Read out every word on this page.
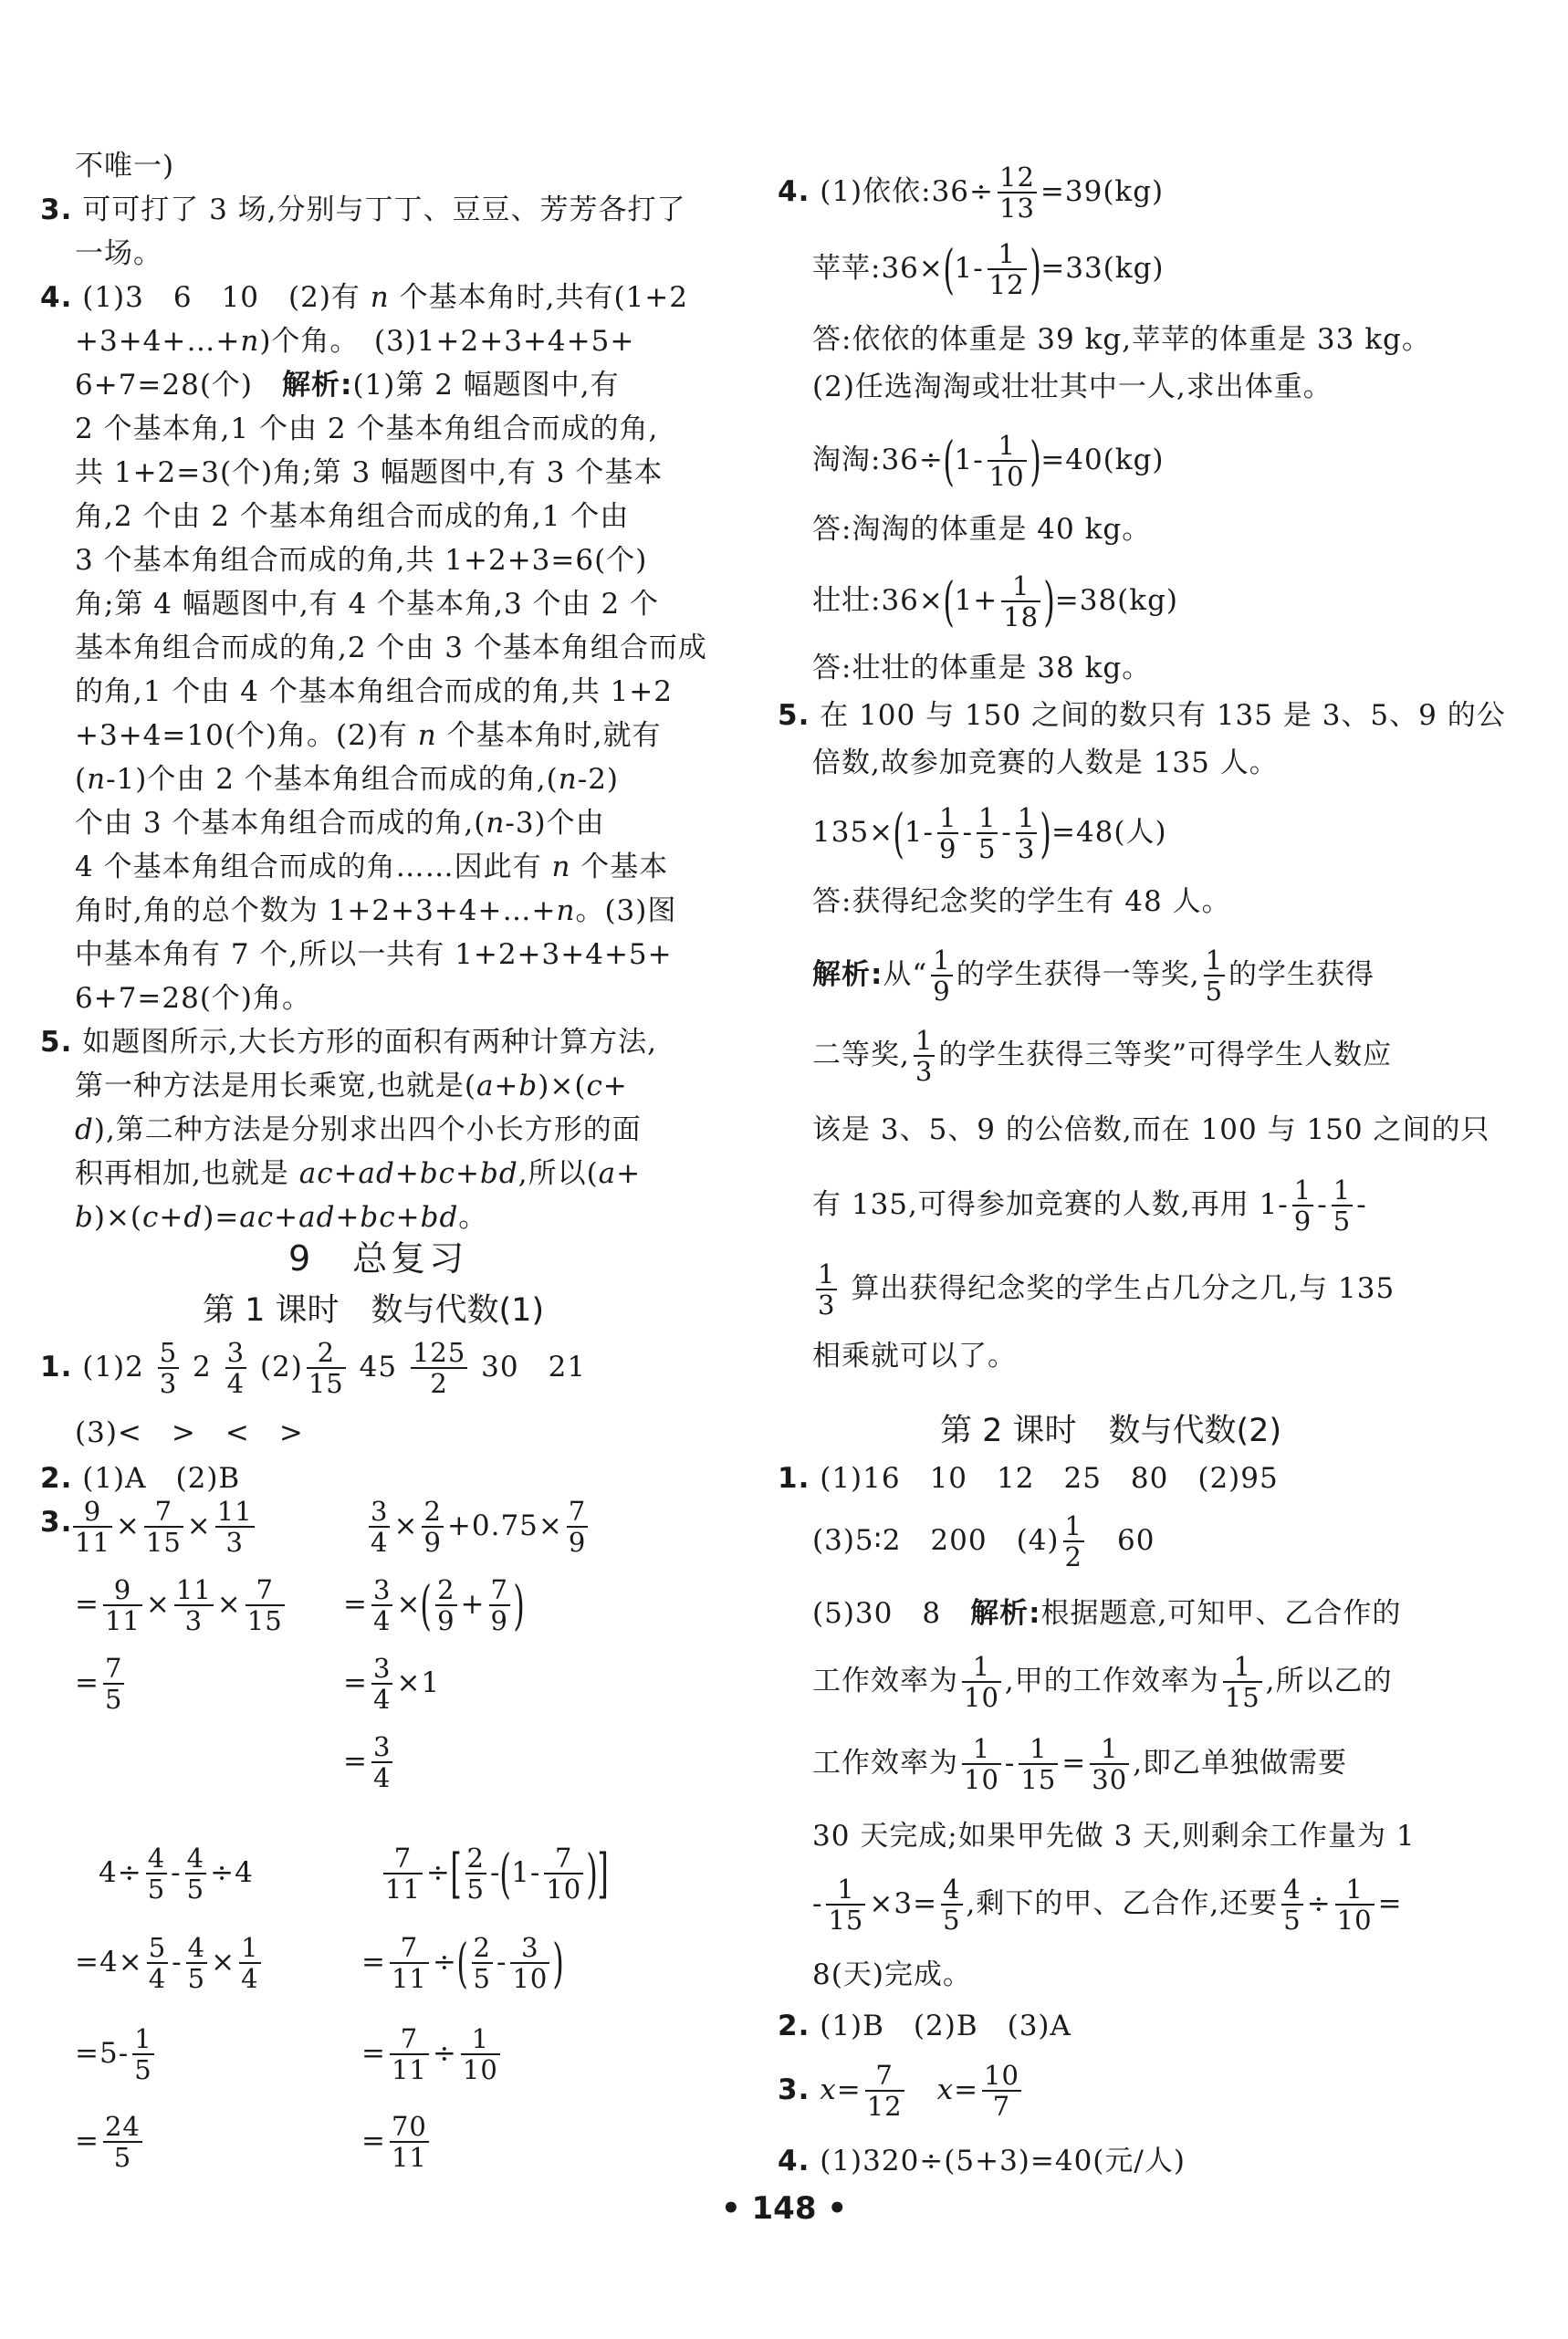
不唯一)
3. 可可打了 3 场,分别与丁丁、豆豆、芳芳各打了
一场。
4. (1)3　6　10　(2)有 n 个基本角时,共有(1+2
+3+4+…+n)个角。　(3)1+2+3+4+5+
6+7=28(个)　解析:(1)第 2 幅题图中,有
2 个基本角,1 个由 2 个基本角组合而成的角,
共 1+2=3(个)角;第 3 幅题图中,有 3 个基本
角,2 个由 2 个基本角组合而成的角,1 个由
3 个基本角组合而成的角,共 1+2+3=6(个)
角;第 4 幅题图中,有 4 个基本角,3 个由 2 个
基本角组合而成的角,2 个由 3 个基本角组合而成
的角,1 个由 4 个基本角组合而成的角,共 1+2
+3+4=10(个)角。(2)有 n 个基本角时,就有
(n-1)个由 2 个基本角组合而成的角,(n-2)
个由 3 个基本角组合而成的角,(n-3)个由
4 个基本角组合而成的角……因此有 n 个基本
角时,角的总个数为 1+2+3+4+…+n。(3)图
中基本角有 7 个,所以一共有 1+2+3+4+5+
6+7=28(个)角。
5. 如题图所示,大长方形的面积有两种计算方法,
第一种方法是用长乘宽,也就是(a+b)×(c+
d),第二种方法是分别求出四个小长方形的面
积再相加,也就是 ac+ad+bc+bd,所以(a+
b)×(c+d)=ac+ad+bc+bd。
9　总复习
第 1 课时　数与代数(1)
1. $(1)2 \frac{5}{3} 2 \frac{3}{4} (2) \frac{2}{15} 45 \frac{125}{2} 30$　21
(3)<　>　<　>
2. (1)A　(2)B
3. $\frac{9}{11} \times \frac{7}{15} \times \frac{11}{3}$
= $\frac{9}{11} \times \frac{11}{3} \times \frac{7}{15}$
= $\frac{7}{5}$
$\frac{3}{4} \times \frac{2}{9} +0.75\times \frac{7}{9}$
= $\frac{3}{4}$ ×( $\frac{2}{9} + \frac{7}{9}$ )
= $\frac{3}{4} \times 1$
= $\frac{3}{4}$
$4\div \frac{4}{5} - \frac{4}{5} \div 4$
$=4\times \frac{5}{4} - \frac{4}{5} \times \frac{1}{4}$
$=5- \frac{1}{5}$
= $\frac{24}{5}$
$\frac{7}{11}$ ÷[ $\frac{2}{5} -(1- \frac{7}{10}$ )]
= $\frac{7}{11}$ ÷( $\frac{2}{5} - \frac{3}{10}$ )
= $\frac{7}{11} \div \frac{1}{10}$
= $\frac{70}{11}$
4. (1)依依:36÷ $\frac{12}{13} =39(kg)$
苹苹:36×(1- $\frac{1}{12} )=33(kg)$
答:依依的体重是 39 kg,苹苹的体重是 33 kg。
(2)任选淘淘或壮壮其中一人,求出体重。
淘淘:36÷(1- $\frac{1}{10} )=40(kg)$
答:淘淘的体重是 40 kg。
壮壮:36×(1+ $\frac{1}{18} )=38(kg)$
答:壮壮的体重是 38 kg。
5. 在 100 与 150 之间的数只有 135 是 3、5、9 的公
倍数,故参加竞赛的人数是 135 人。
$135\times(1- \frac{1}{9} - \frac{1}{5} - \frac{1}{3} )=48$(人)
答:获得纪念奖的学生有 48 人。
解析:从“ $\frac{1}{9}$ 的学生获得一等奖, $\frac{1}{5}$ 的学生获得
二等奖, $\frac{1}{3}$ 的学生获得三等奖”可得学生人数应
该是 3、5、9 的公倍数,而在 100 与 150 之间的只
有 135,可得参加竞赛的人数,再用 $1- \frac{1}{9} - \frac{1}{5}$ -
$\frac{1}{3}$ 算出获得纪念奖的学生占几分之几,与 135
相乘就可以了。
第 2 课时　数与代数(2)
1. (1)16　10　12　25　80　(2)95
(3)5∶2　200　$(4) \frac{1}{2}$
　 60
(5)30　8　解析:根据题意,可知甲、乙合作的
工作效率为 $\frac{1}{10}$ ,甲的工作效率为 $\frac{1}{15}$ ,所以乙的
工作效率为 $\frac{1}{10} - \frac{1}{15} = \frac{1}{30}$ ,即乙单独做需要
30 天完成;如果甲先做 3 天,则剩余工作量为 1
- $\frac{1}{15} \times 3= \frac{4}{5}$ ,剩下的甲、乙合作,还要 $\frac{4}{5} \div \frac{1}{10}$ =
8(天)完成。
2. (1)B　(2)B　(3)A
3. $x= \frac{7}{12}$
　 $x= \frac{10}{7}$
4. (1)320÷(5+3)=40(元/人)
• 148 •
